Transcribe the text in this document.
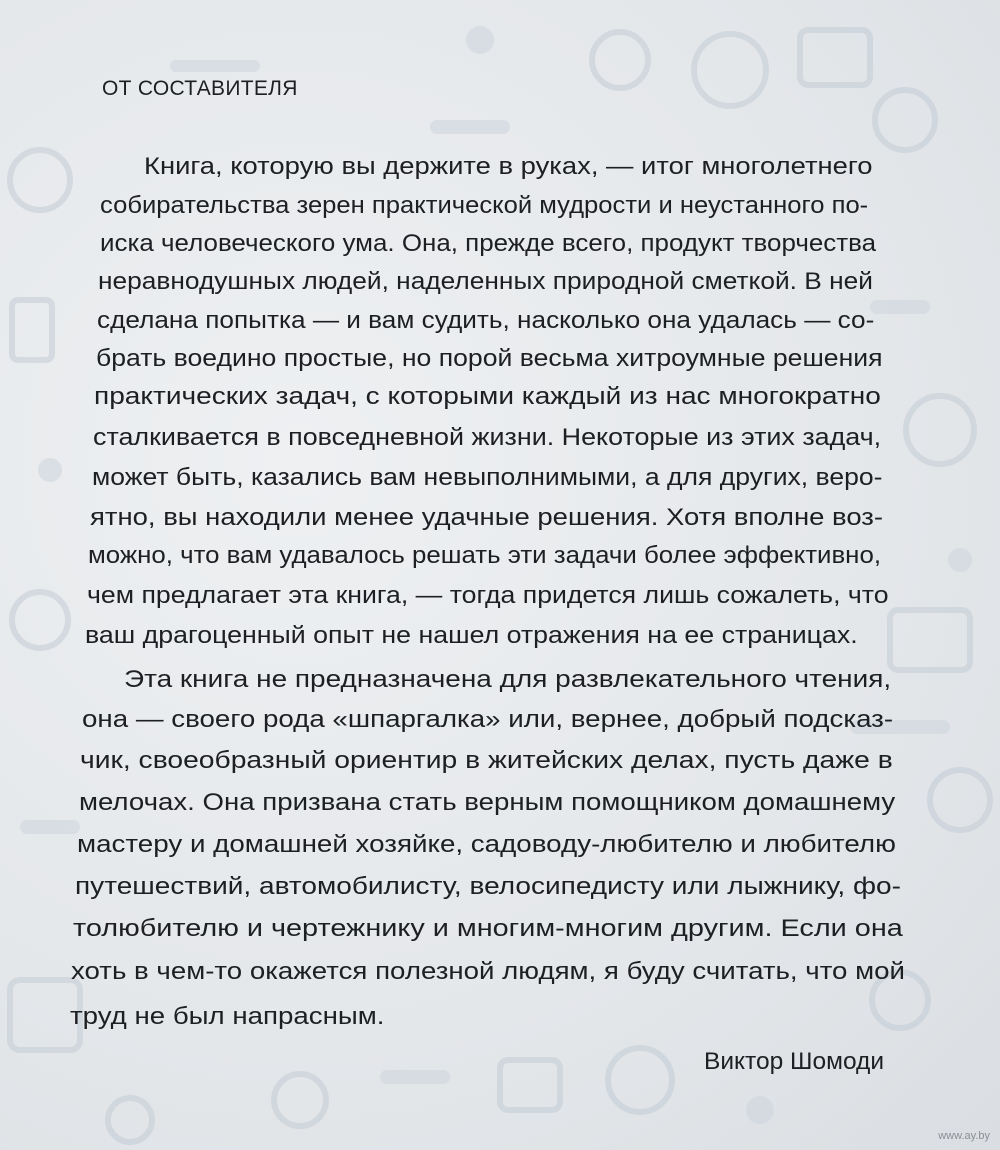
ОТ СОСТАВИТЕЛЯ

Книга, которую вы держите в руках, — итог многолетнего

собирательства зерен практической мудрости и неустанного по-

иска человеческого ума. Она, прежде всего, продукт творчества

неравнодушных людей, наделенных природной сметкой. В ней

сделана попытка — и вам судить, насколько она удалась — со-

брать воедино простые, но порой весьма хитроумные решения

практических задач, с которыми каждый из нас многократно

сталкивается в повседневной жизни. Некоторые из этих задач,

может быть, казались вам невыполнимыми, а для других, веро-

ятно, вы находили менее удачные решения. Хотя вполне воз-

можно, что вам удавалось решать эти задачи более эффективно,

чем предлагает эта книга, — тогда придется лишь сожалеть, что

ваш драгоценный опыт не нашел отражения на ее страницах.

Эта книга не предназначена для развлекательного чтения,

она — своего рода «шпаргалка» или, вернее, добрый подсказ-

чик, своеобразный ориентир в житейских делах, пусть даже в

мелочах. Она призвана стать верным помощником домашнему

мастеру и домашней хозяйке, садоводу-любителю и любителю

путешествий, автомобилисту, велосипедисту или лыжнику, фо-

толюбителю и чертежнику и многим-многим другим. Если она

хоть в чем-то окажется полезной людям, я буду считать, что мой

труд не был напрасным.

Виктор Шомоди
www.ay.by
